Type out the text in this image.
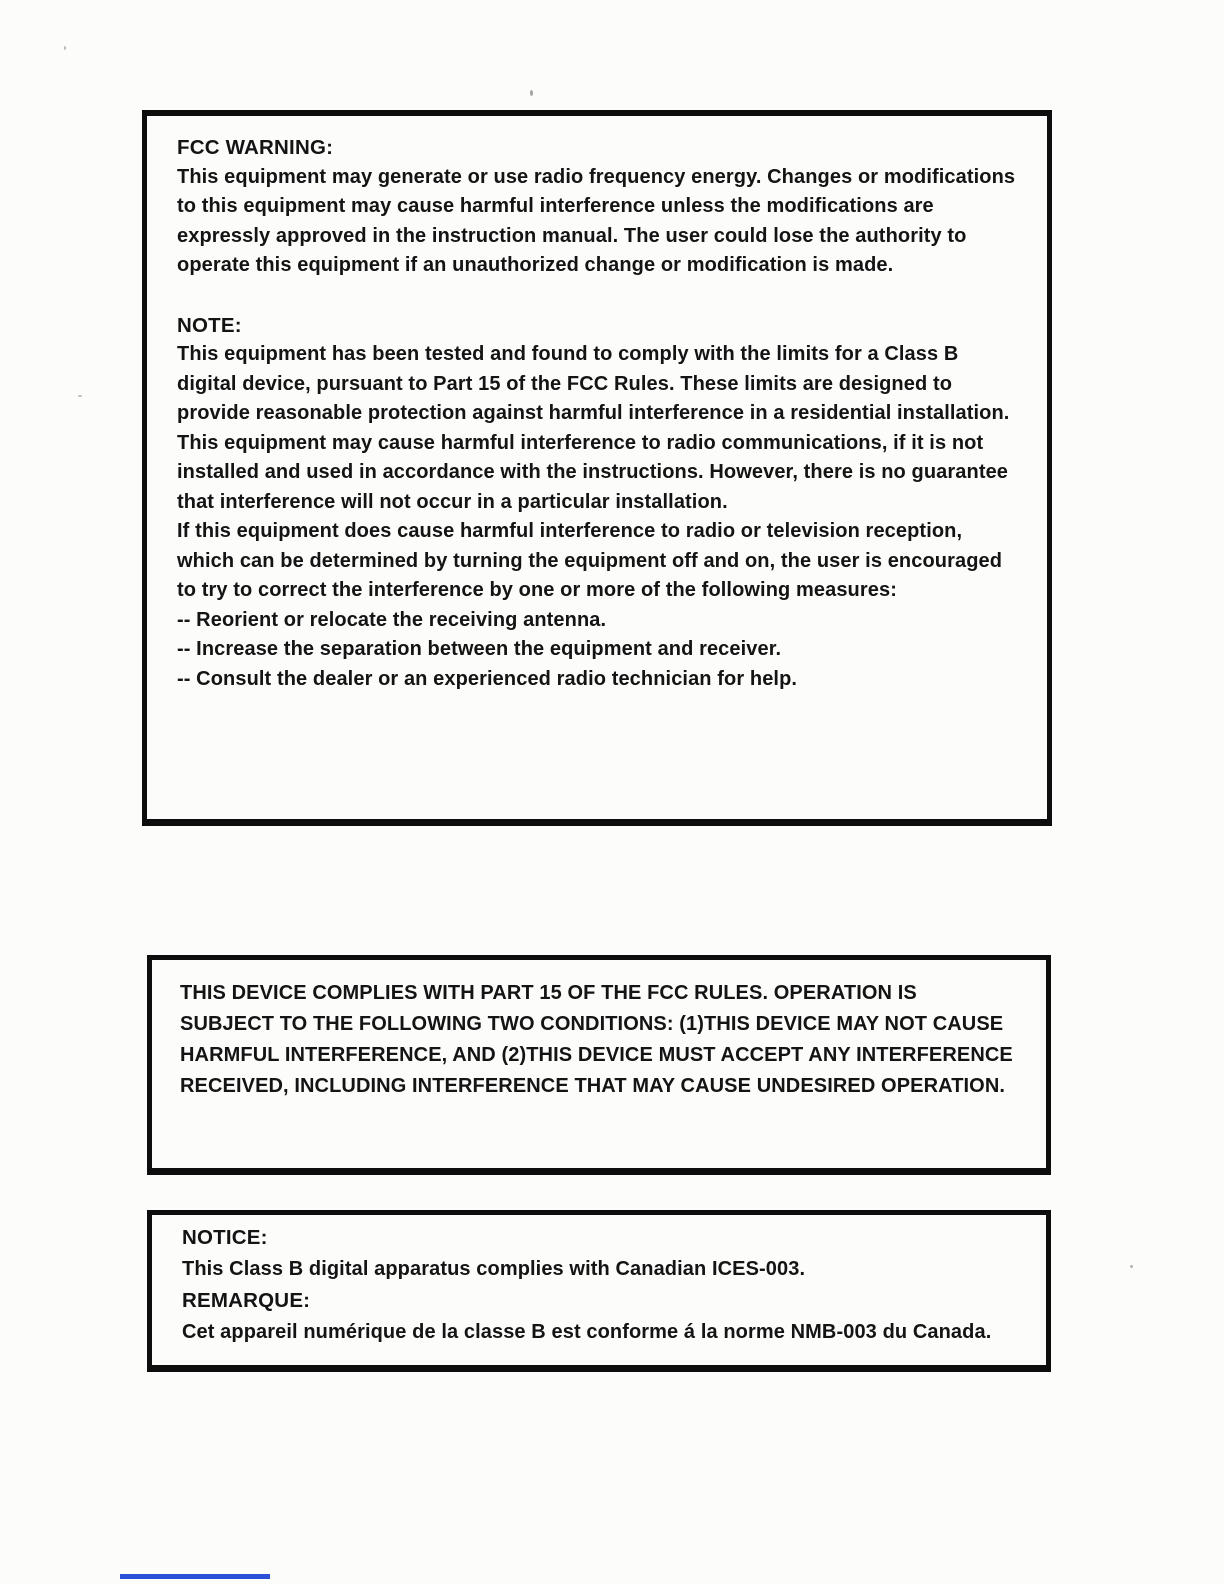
FCC WARNING:
This equipment may generate or use radio frequency energy. Changes or modifications to this equipment may cause harmful interference unless the modifications are expressly approved in the instruction manual. The user could lose the authority to operate this equipment if an unauthorized change or modification is made.
NOTE:
This equipment has been tested and found to comply with the limits for a Class B digital device, pursuant to Part 15 of the FCC Rules. These limits are designed to provide reasonable protection against harmful interference in a residential installation. This equipment may cause harmful interference to radio communications, if it is not installed and used in accordance with the instructions. However, there is no guarantee that interference will not occur in a particular installation.
If this equipment does cause harmful interference to radio or television reception, which can be determined by turning the equipment off and on, the user is encouraged to try to correct the interference by one or more of the following measures:
-- Reorient or relocate the receiving antenna.
-- Increase the separation between the equipment and receiver.
-- Consult the dealer or an experienced radio technician for help.
THIS DEVICE COMPLIES WITH PART 15 OF THE FCC RULES. OPERATION IS SUBJECT TO THE FOLLOWING TWO CONDITIONS: (1)THIS DEVICE MAY NOT CAUSE HARMFUL INTERFERENCE, AND (2)THIS DEVICE MUST ACCEPT ANY INTERFERENCE RECEIVED, INCLUDING INTERFERENCE THAT MAY CAUSE UNDESIRED OPERATION.
NOTICE:
This Class B digital apparatus complies with Canadian ICES-003.
REMARQUE:
Cet appareil numérique de la classe B est conforme á la norme NMB-003 du Canada.
